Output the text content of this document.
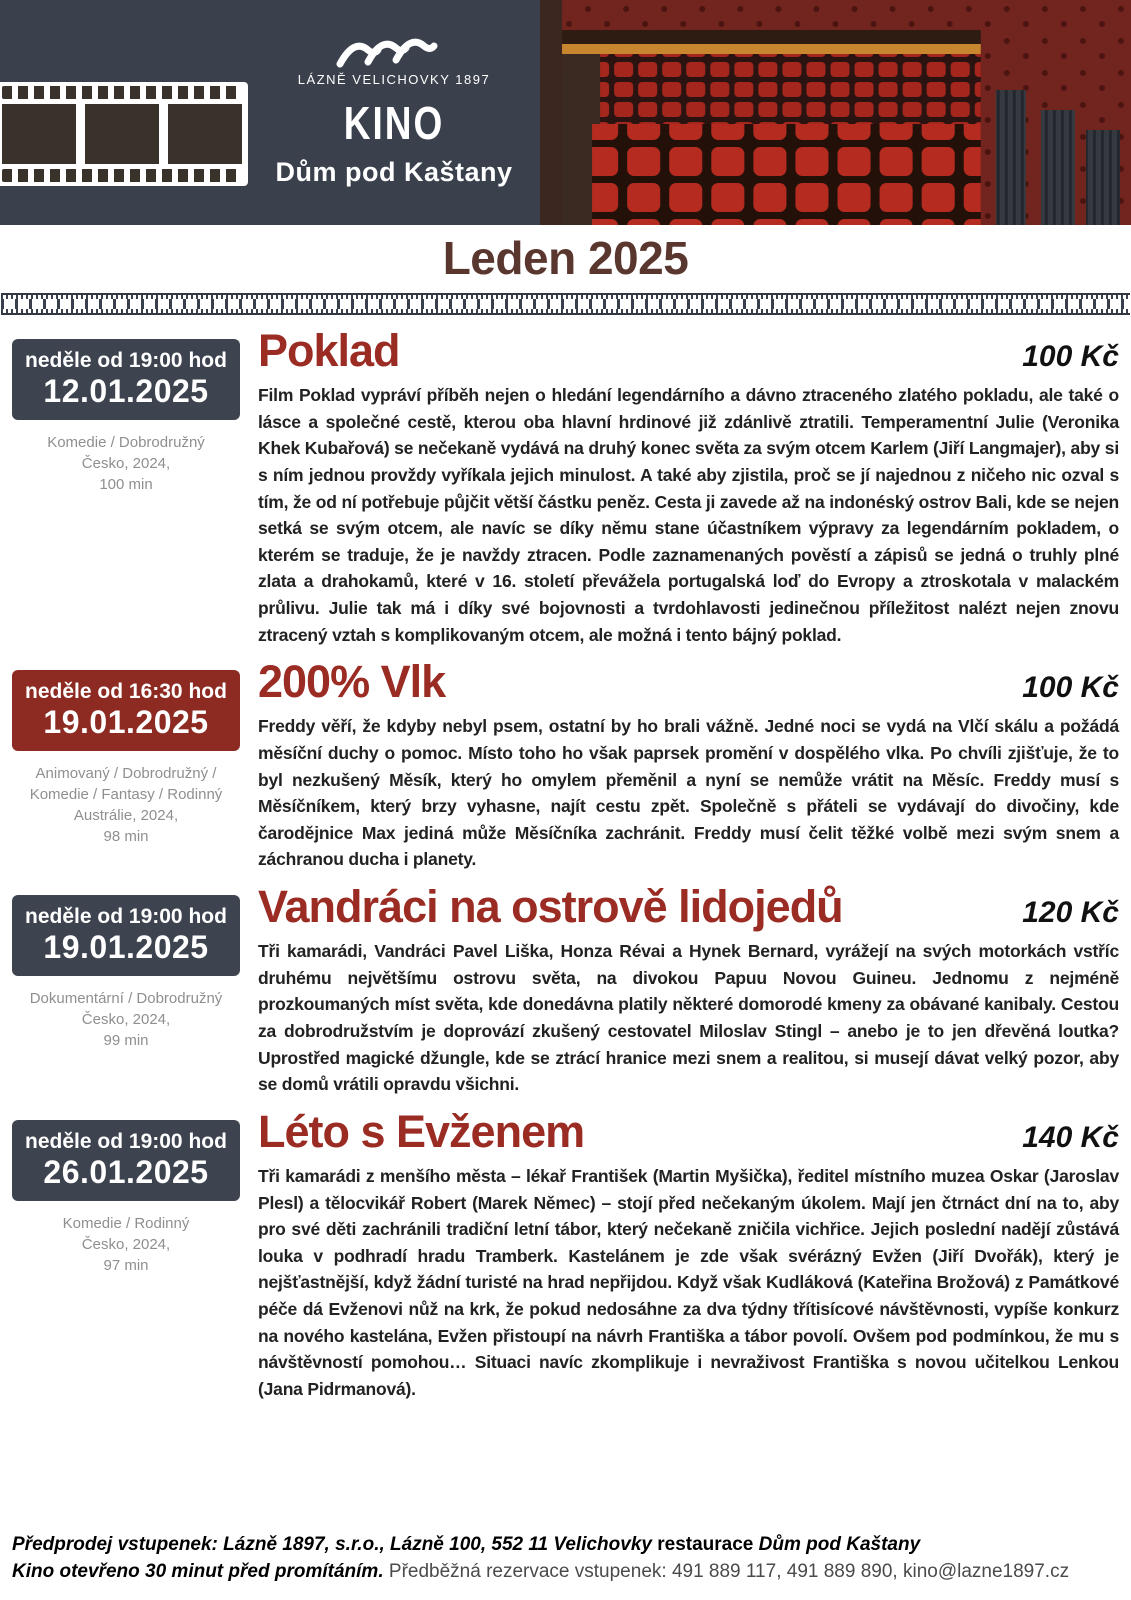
LÁZNĚ VELICHOVKY 1897
KINO
Dům pod Kaštany
Leden 2025
neděle od 19:00 hod
12.01.2025
Komedie / Dobrodružný
Česko, 2024,
100 min
Poklad	100 Kč
Film Poklad vypráví příběh nejen o hledání legendárního a dávno ztraceného zlatého pokladu, ale také o lásce a společné cestě, kterou oba hlavní hrdinové již zdánlivě ztratili. Temperamentní Julie (Veronika Khek Kubařová) se nečekaně vydává na druhý konec světa za svým otcem Karlem (Jiří Langmajer), aby si s ním jednou provždy vyříkala jejich minulost. A také aby zjistila, proč se jí najednou z ničeho nic ozval s tím, že od ní potřebuje půjčit větší částku peněz. Cesta ji zavede až na indonéský ostrov Bali, kde se nejen setká se svým otcem, ale navíc se díky němu stane účastníkem výpravy za legendárním pokladem, o kterém se traduje, že je navždy ztracen. Podle zaznamenaných pověstí a zápisů se jedná o truhly plné zlata a drahokamů, které v 16. století převážela portugalská loď do Evropy a ztroskotala v malackém průlivu. Julie tak má i díky své bojovnosti a tvrdohlavosti jedinečnou příležitost nalézt nejen znovu ztracený vztah s komplikovaným otcem, ale možná i tento bájný poklad.
neděle od 16:30 hod
19.01.2025
Animovaný / Dobrodružný /
Komedie / Fantasy / Rodinný
Austrálie, 2024,
98 min
200% Vlk	100 Kč
Freddy věří, že kdyby nebyl psem, ostatní by ho brali vážně. Jedné noci se vydá na Vlčí skálu a požádá měsíční duchy o pomoc. Místo toho ho však paprsek promění v dospělého vlka. Po chvíli zjišťuje, že to byl nezkušený Měsík, který ho omylem přeměnil a nyní se nemůže vrátit na Měsíc. Freddy musí s Měsíčníkem, který brzy vyhasne, najít cestu zpět. Společně s přáteli se vydávají do divočiny, kde čarodějnice Max jediná může Měsíčníka zachránit. Freddy musí čelit těžké volbě mezi svým snem a záchranou ducha i planety.
neděle od 19:00 hod
19.01.2025
Dokumentární / Dobrodružný
Česko, 2024,
99 min
Vandráci na ostrově lidojedů	120 Kč
Tři kamarádi, Vandráci Pavel Liška, Honza Révai a Hynek Bernard, vyrážejí na svých motorkách vstříc druhému největšímu ostrovu světa, na divokou Papuu Novou Guineu. Jednomu z nejméně prozkoumaných míst světa, kde donedávna platily některé domorodé kmeny za obávané kanibaly. Cestou za dobrodružstvím je doprovází zkušený cestovatel Miloslav Stingl – anebo je to jen dřevěná loutka? Uprostřed magické džungle, kde se ztrácí hranice mezi snem a realitou, si musejí dávat velký pozor, aby se domů vrátili opravdu všichni.
neděle od 19:00 hod
26.01.2025
Komedie / Rodinný
Česko, 2024,
97 min
Léto s Evženem	140 Kč
Tři kamarádi z menšího města – lékař František (Martin Myšička), ředitel místního muzea Oskar (Jaroslav Plesl) a tělocvikář Robert (Marek Němec) – stojí před nečekaným úkolem. Mají jen čtrnáct dní na to, aby pro své děti zachránili tradiční letní tábor, který nečekaně zničila vichřice. Jejich poslední nadějí zůstává louka v podhradí hradu Tramberk. Kastelánem je zde však svérázný Evžen (Jiří Dvořák), který je nejšťastnější, když žádní turisté na hrad nepřijdou. Když však Kudláková (Kateřina Brožová) z Památkové péče dá Evženovi nůž na krk, že pokud nedosáhne za dva týdny třítisícové návštěvnosti, vypíše konkurz na nového kastelána, Evžen přistoupí na návrh Františka a tábor povolí. Ovšem pod podmínkou, že mu s návštěvností pomohou… Situaci navíc zkomplikuje i nevraživost Františka s novou učitelkou Lenkou (Jana Pidrmanová).
Předprodej vstupenek: Lázně 1897, s.r.o., Lázně 100, 552 11 Velichovky restaurace Dům pod Kaštany
Kino otevřeno 30 minut před promítáním. Předběžná rezervace vstupenek: 491 889 117, 491 889 890, kino@lazne1897.cz
